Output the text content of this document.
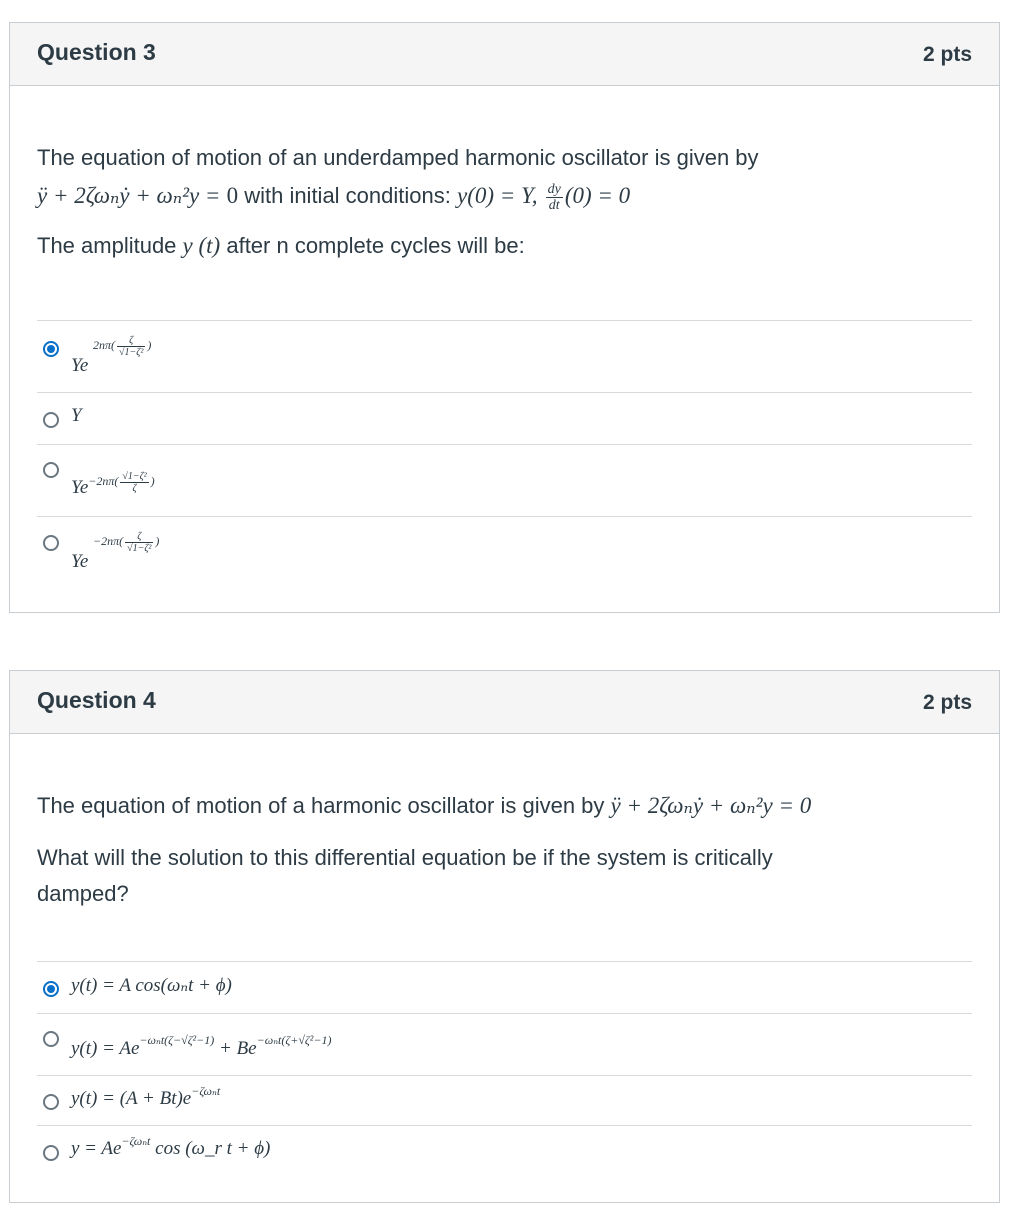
Question 3	2 pts
The equation of motion of an underdamped harmonic oscillator is given by
ÿ + 2ζωₙẏ + ωₙ²y = 0 with initial conditions: y(0) = Y, $\frac{dy}{dt} (0) = 0$
The amplitude y (t) after n complete cycles will be:
Ye $^{2n\pi( \frac{\zeta}{\text{√1−ζ²}} )}$
Y
$Ye^{-2n\pi( \frac{\text{√1−ζ²}}{\zeta} )}$
Ye $^{-2n\pi( \frac{\zeta}{\text{√1−ζ²}} )}$
Question 4	2 pts
The equation of motion of a harmonic oscillator is given by ÿ + 2ζωₙẏ + ωₙ²y = 0
What will the solution to this differential equation be if the system is critically
damped?
y(t) = A cos(ωₙt + ϕ)
$y(t) = Ae^{-\omega_nt(\zeta-√\zeta^2-1)} + Be^{-\omega_nt(\zeta+√\zeta^2-1)}$
$y(t) = (A + Bt)e^{-\zeta\omega_nt}$
$y = Ae^{-\zeta\omega_nt}$ cos (ω_r t + ϕ)
